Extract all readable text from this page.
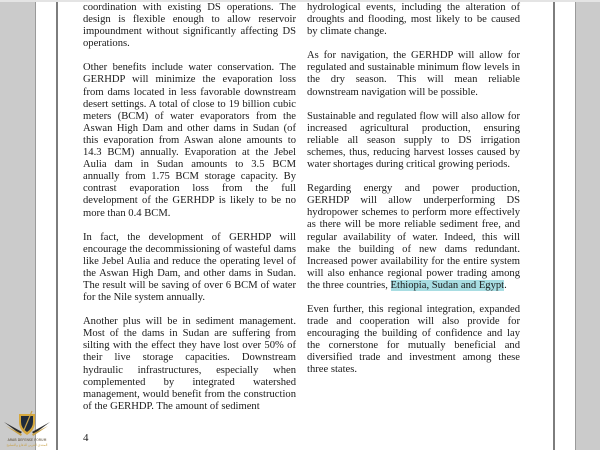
coordination with existing DS operations. The design is flexible enough to allow reservoir impoundment without significantly affecting DS operations.

Other benefits include water conservation. The GERHDP will minimize the evaporation loss from dams located in less favorable downstream desert settings. A total of close to 19 billion cubic meters (BCM) of water evaporators from the Aswan High Dam and other dams in Sudan (of this evaporation from Aswan alone amounts to 14.3 BCM) annually. Evaporation at the Jebel Aulia dam in Sudan amounts to 3.5 BCM annually from 1.75 BCM storage capacity. By contrast evaporation loss from the full development of the GERHDP is likely to be no more than 0.4 BCM.

In fact, the development of GERHDP will encourage the decommissioning of wasteful dams like Jebel Aulia and reduce the operating level of the Aswan High Dam, and other dams in Sudan. The result will be saving of over 6 BCM of water for the Nile system annually.

Another plus will be in sediment management. Most of the dams in Sudan are suffering from silting with the effect they have lost over 50% of their live storage capacities. Downstream hydraulic infrastructures, especially when complemented by integrated watershed management, would benefit from the construction of the GERHDP. The amount of sediment

hydrological events, including the alteration of droughts and flooding, most likely to be caused by climate change.

As for navigation, the GERHDP will allow for regulated and sustainable minimum flow levels in the dry season. This will mean reliable downstream navigation will be possible.

Sustainable and regulated flow will also allow for increased agricultural production, ensuring reliable all season supply to DS irrigation schemes, thus, reducing harvest losses caused by water shortages during critical growing periods.

Regarding energy and power production, GERHDP will allow underperforming DS hydropower schemes to perform more effectively as there will be more reliable sediment free, and regular availability of water. Indeed, this will make the building of new dams redundant. Increased power availability for the entire system will also enhance regional power trading among the three countries, Ethiopia, Sudan and Egypt.

Even further, this regional integration, expanded trade and cooperation will also provide for encouraging the building of confidence and lay the cornerstone for mutually beneficial and diversified trade and investment among these three states.

4
ARAB DEFENSE FORUM
المنتدى العربي للدفاع والتسليح
